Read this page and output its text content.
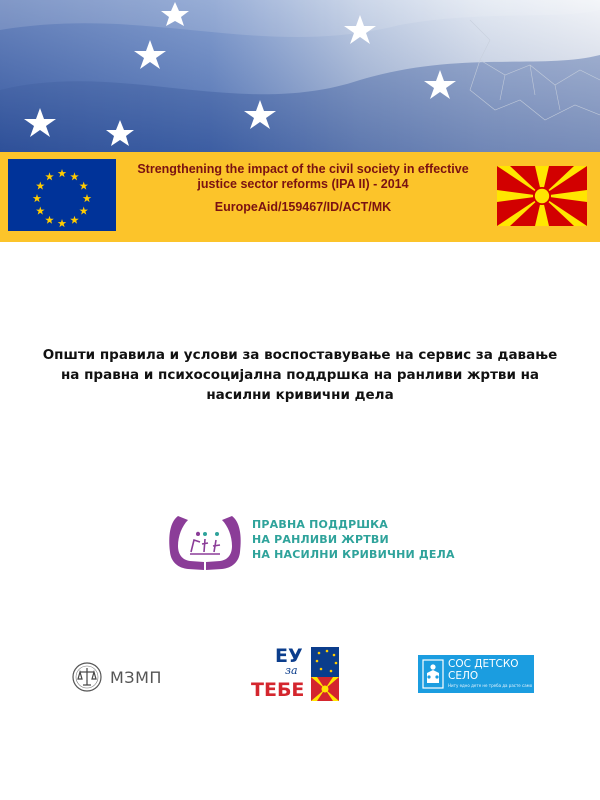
Strengthening the impact of the civil society in effective
justice sector reforms (IPA II) - 2014
EuropeAid/159467/ID/ACT/MK
Општи правила и услови за воспоставување на сервис за давање
на правна и психосоцијална поддршка на ранливи жртви на
насилни кривични дела
ПРАВНА ПОДДРШКА
НА РАНЛИВИ ЖРТВИ
НА НАСИЛНИ КРИВИЧНИ ДЕЛА
МЗМП
ЕУ
за
ТЕБЕ
СОС ДЕТСКО
СЕЛО
Ниту едно дете не треба да расте само
